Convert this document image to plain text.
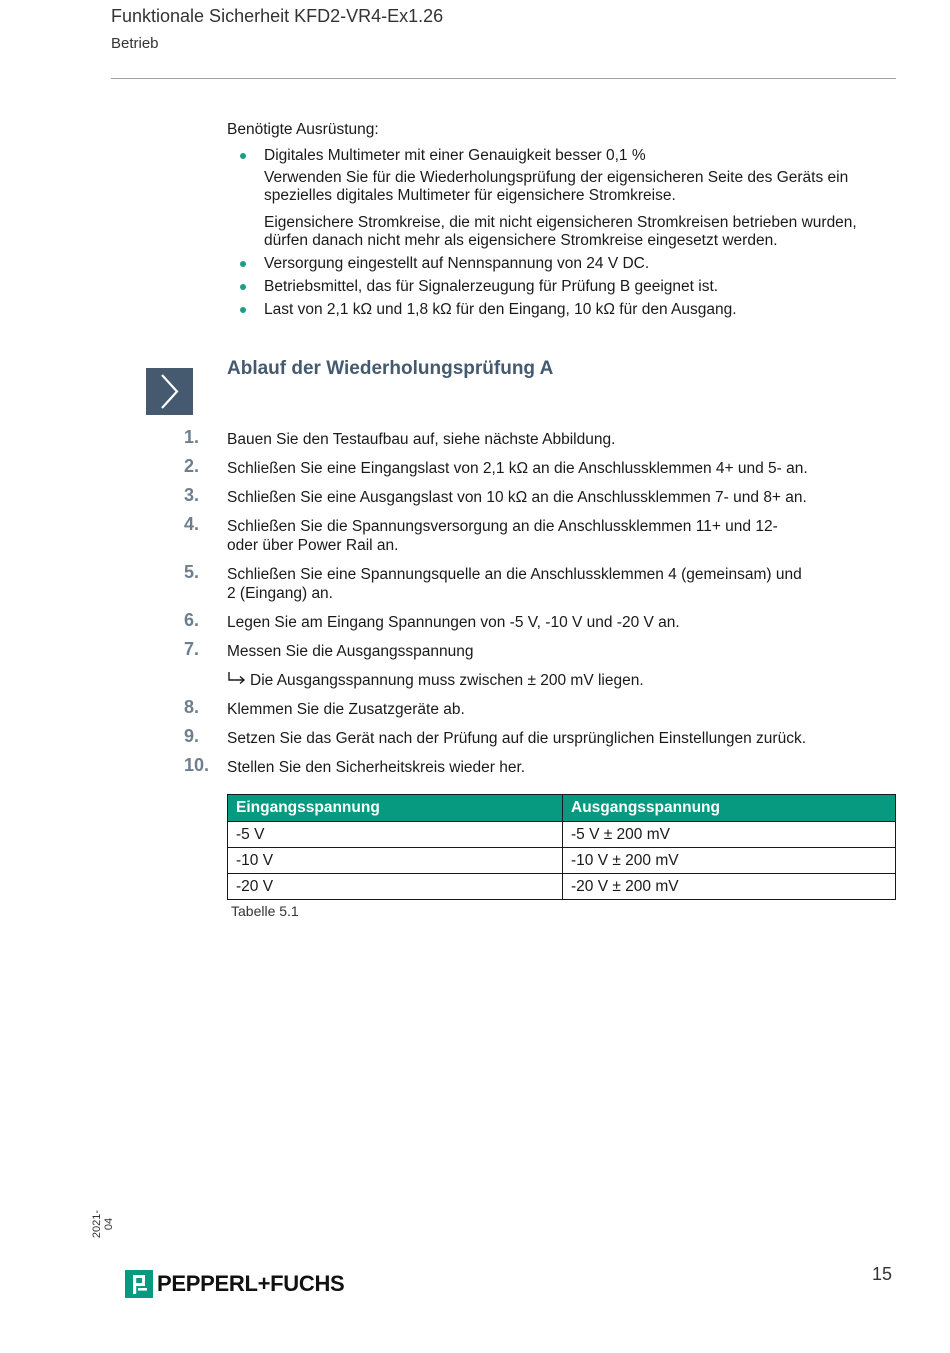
Funktionale Sicherheit KFD2-VR4-Ex1.26
Betrieb
Benötigte Ausrüstung:
Digitales Multimeter mit einer Genauigkeit besser 0,1 %
Verwenden Sie für die Wiederholungsprüfung der eigensicheren Seite des Geräts ein spezielles digitales Multimeter für eigensichere Stromkreise.
Eigensichere Stromkreise, die mit nicht eigensicheren Stromkreisen betrieben wurden, dürfen danach nicht mehr als eigensichere Stromkreise eingesetzt werden.
Versorgung eingestellt auf Nennspannung von 24 V DC.
Betriebsmittel, das für Signalerzeugung für Prüfung B geeignet ist.
Last von 2,1 kΩ und 1,8 kΩ für den Eingang, 10 kΩ für den Ausgang.
Ablauf der Wiederholungsprüfung A
1. Bauen Sie den Testaufbau auf, siehe nächste Abbildung.
2. Schließen Sie eine Eingangslast von 2,1 kΩ an die Anschlussklemmen 4+ und 5- an.
3. Schließen Sie eine Ausgangslast von 10 kΩ an die Anschlussklemmen 7- und 8+ an.
4. Schließen Sie die Spannungsversorgung an die Anschlussklemmen 11+ und 12- oder über Power Rail an.
5. Schließen Sie eine Spannungsquelle an die Anschlussklemmen 4 (gemeinsam) und 2 (Eingang) an.
6. Legen Sie am Eingang Spannungen von -5 V, -10 V und -20 V an.
7. Messen Sie die Ausgangsspannung
Die Ausgangsspannung muss zwischen ± 200 mV liegen.
8. Klemmen Sie die Zusatzgeräte ab.
9. Setzen Sie das Gerät nach der Prüfung auf die ursprünglichen Einstellungen zurück.
10. Stellen Sie den Sicherheitskreis wieder her.
Eingangsspannung	Ausgangsspannung
-5 V	-5 V ± 200 mV
-10 V	-10 V ± 200 mV
-20 V	-20 V ± 200 mV
Tabelle 5.1
2021-04
PEPPERL+FUCHS	15
